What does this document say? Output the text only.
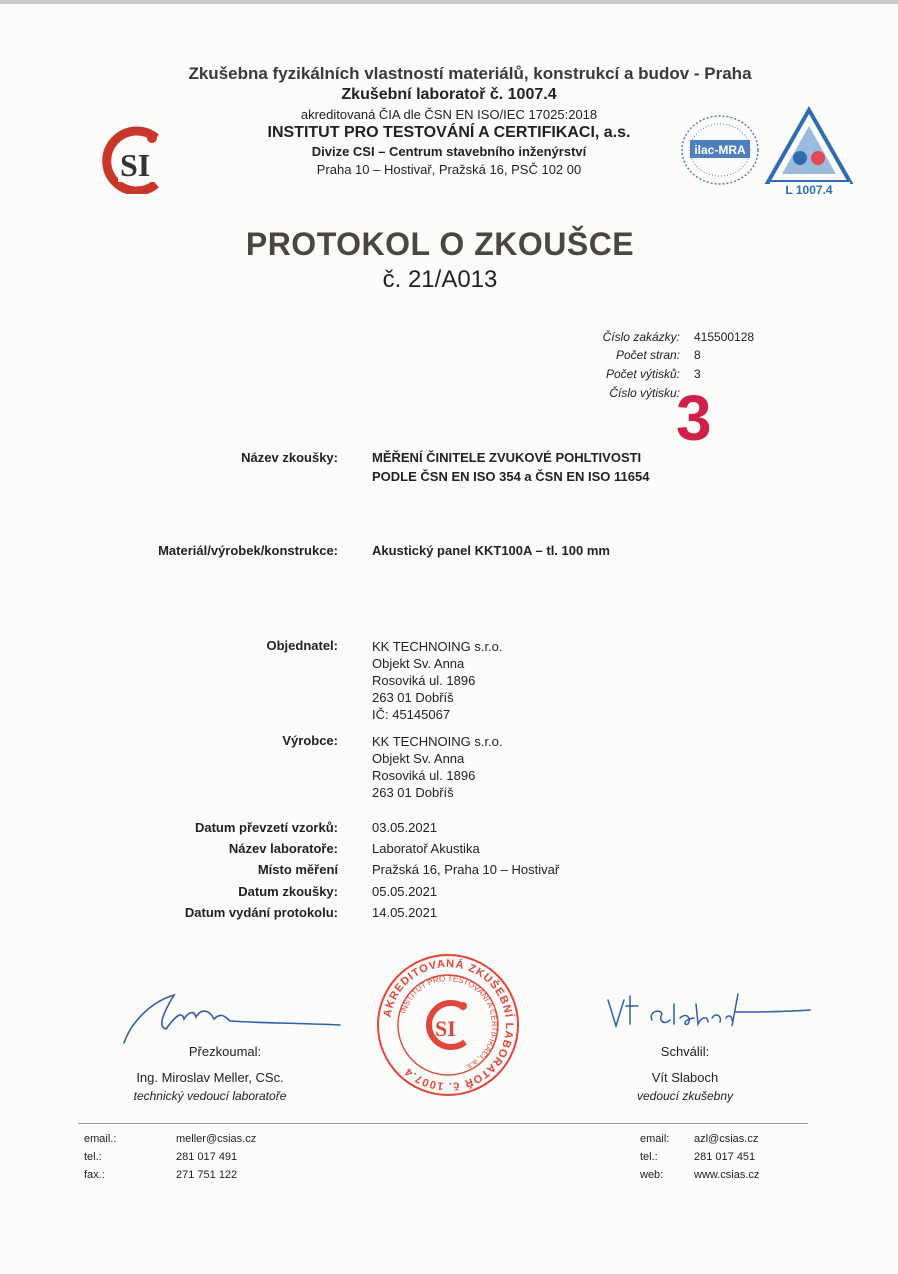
SI
Zkušebna fyzikálních vlastností materiálů, konstrukcí a budov - Praha
Zkušební laboratoř č. 1007.4
akreditovaná ČIA dle ČSN EN ISO/IEC 17025:2018
INSTITUT PRO TESTOVÁNÍ A CERTIFIKACI, a.s.
Divize CSI – Centrum stavebního inženýrství
Praha 10 – Hostivař, Pražská 16, PSČ 102 00
ilac-MRA
L 1007.4
PROTOKOL O ZKOUŠCE
č. 21/A013
Číslo zakázky: 415500128
Počet stran: 8
Počet výtisků: 3
Číslo výtisku:
3
Název zkoušky:	MĚŘENÍ ČINITELE ZVUKOVÉ POHLTIVOSTI
PODLE ČSN EN ISO 354 a ČSN EN ISO 11654
Materiál/výrobek/konstrukce:	Akustický panel KKT100A – tl. 100 mm
Objednatel:	KK TECHNOING s.r.o.
Objekt Sv. Anna
Rosoviká ul. 1896
263 01 Dobříš
IČ: 45145067
Výrobce:	KK TECHNOING s.r.o.
Objekt Sv. Anna
Rosoviká ul. 1896
263 01 Dobříš
Datum převzetí vzorků:	03.05.2021
Název laboratoře:	Laboratoř Akustika
Místo měření	Pražská 16, Praha 10 – Hostivař
Datum zkoušky:	05.05.2021
Datum vydání protokolu:	14.05.2021
Přezkoumal:
Ing. Miroslav Meller, CSc.
technický vedoucí laboratoře
AKREDITOVANÁ ZKUŠEBNÍ LABORATOŘ č. 1007.4
INSTITUT PRO TESTOVÁNÍ A CERTIFIKACI, a.s.
SI
Schválil:
Vít Slaboch
vedoucí zkušebny
email.:	meller@csias.cz
tel.:	281 017 491
fax.:	271 751 122
email: azl@csias.cz
tel.:	281 017 451
web:	www.csias.cz
